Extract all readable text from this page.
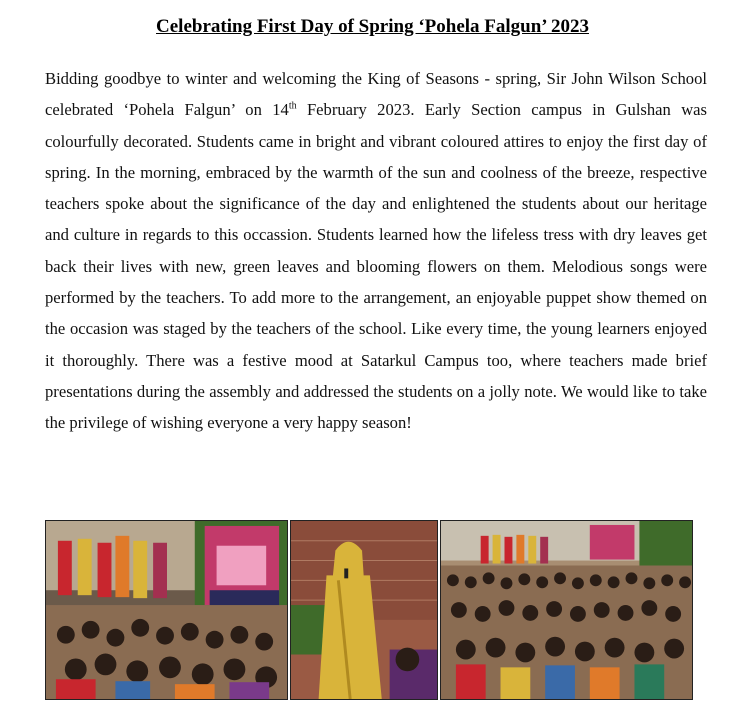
Celebrating First Day of Spring ‘Pohela Falgun’ 2023

Bidding goodbye to winter and welcoming the King of Seasons - spring, Sir John Wilson School celebrated ‘Pohela Falgun’ on 14th February 2023. Early Section campus in Gulshan was colourfully decorated. Students came in bright and vibrant coloured attires to enjoy the first day of spring. In the morning, embraced by the warmth of the sun and coolness of the breeze, respective teachers spoke about the significance of the day and enlightened the students about our heritage and culture in regards to this occassion. Students learned how the lifeless tress with dry leaves get back their lives with new, green leaves and blooming flowers on them. Melodious songs were performed by the teachers. To add more to the arrangement, an enjoyable puppet show themed on the occasion was staged by the teachers of the school. Like every time, the young learners enjoyed it thoroughly. There was a festive mood at Satarkul Campus too, where teachers made brief presentations during the assembly and addressed the students on a jolly note. We would like to take the privilege of wishing everyone a very happy season!
